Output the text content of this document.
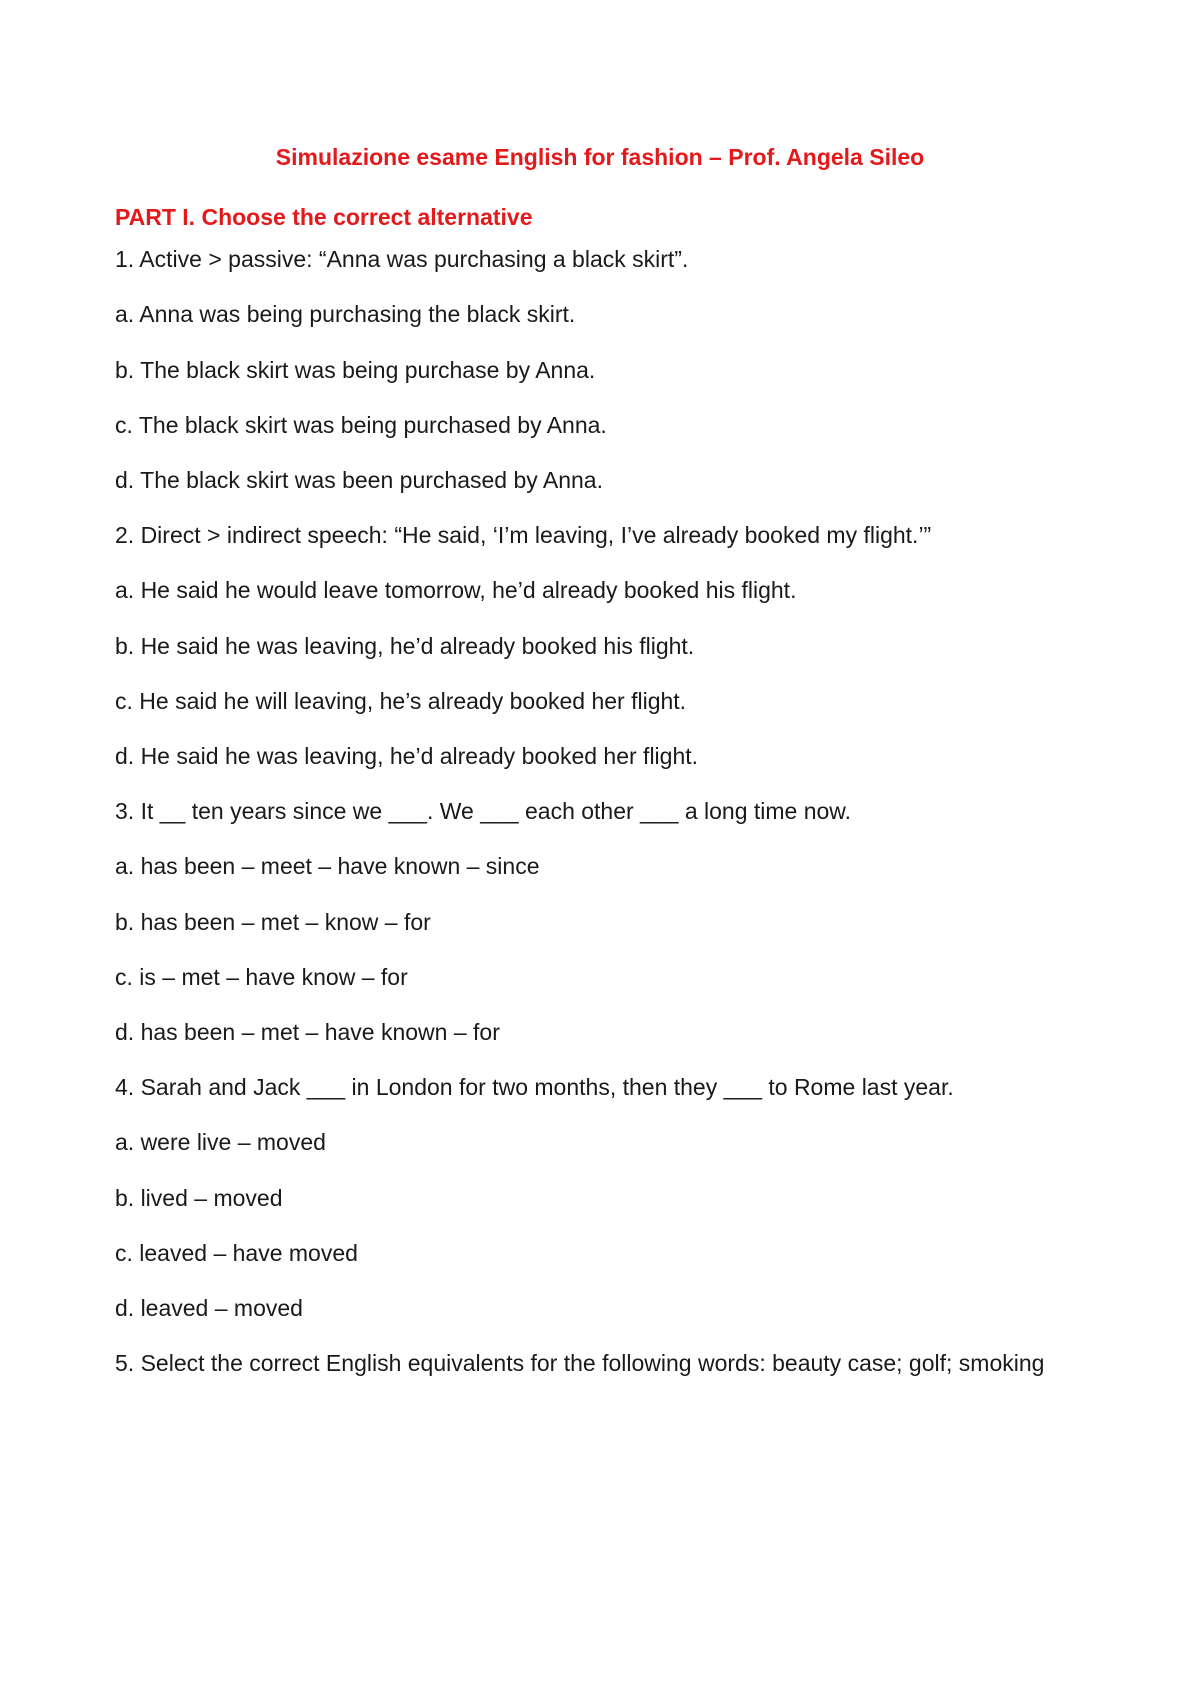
Simulazione esame English for fashion – Prof. Angela Sileo
PART I. Choose the correct alternative
1. Active > passive: “Anna was purchasing a black skirt”.
a. Anna was being purchasing the black skirt.
b. The black skirt was being purchase by Anna.
c. The black skirt was being purchased by Anna.
d. The black skirt was been purchased by Anna.
2. Direct > indirect speech: “He said, ‘I’m leaving, I’ve already booked my flight.’”
a. He said he would leave tomorrow, he’d already booked his flight.
b. He said he was leaving, he’d already booked his flight.
c. He said he will leaving, he’s already booked her flight.
d. He said he was leaving, he’d already booked her flight.
3. It __ ten years since we ___. We ___ each other ___ a long time now.
a. has been – meet – have known – since
b. has been – met – know – for
c. is – met – have know – for
d. has been – met – have known – for
4. Sarah and Jack ___ in London for two months, then they ___ to Rome last year.
a. were live – moved
b. lived – moved
c. leaved – have moved
d. leaved – moved
5. Select the correct English equivalents for the following words: beauty case; golf; smoking
